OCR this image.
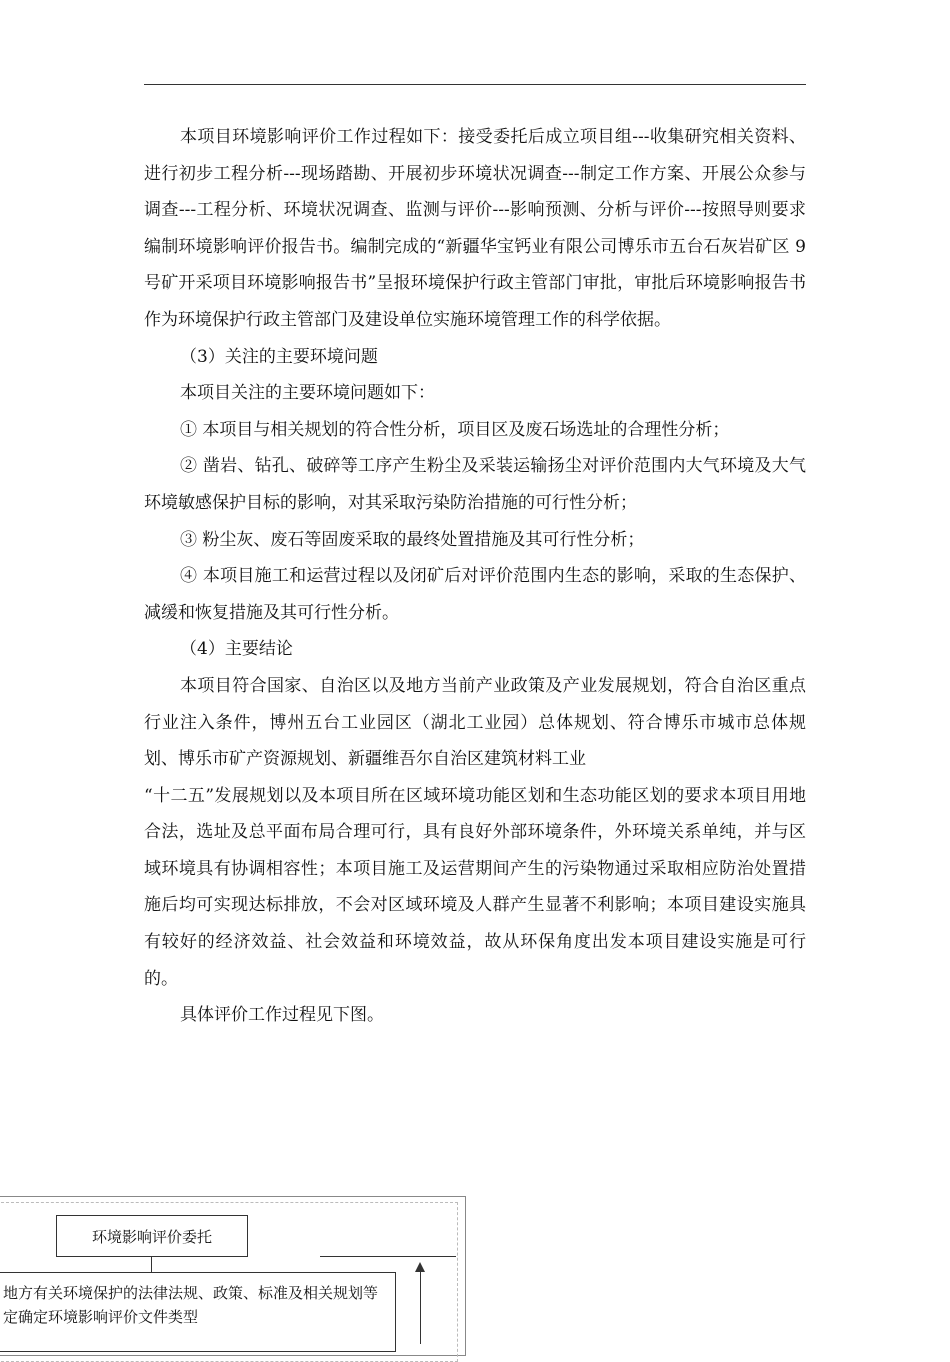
本项目环境影响评价工作过程如下：接受委托后成立项目组---收集研究相关资料、进行初步工程分析---现场踏勘、开展初步环境状况调查---制定工作方案、开展公众参与调查---工程分析、环境状况调查、监测与评价---影响预测、分析与评价---按照导则要求编制环境影响评价报告书。编制完成的“新疆华宝钙业有限公司博乐市五台石灰岩矿区 9 号矿开采项目环境影响报告书”呈报环境保护行政主管部门审批，审批后环境影响报告书作为环境保护行政主管部门及建设单位实施环境管理工作的科学依据。

（3）关注的主要环境问题

本项目关注的主要环境问题如下：

① 本项目与相关规划的符合性分析，项目区及废石场选址的合理性分析；

② 凿岩、钻孔、破碎等工序产生粉尘及采装运输扬尘对评价范围内大气环境及大气环境敏感保护目标的影响，对其采取污染防治措施的可行性分析；

③ 粉尘灰、废石等固废采取的最终处置措施及其可行性分析；

④ 本项目施工和运营过程以及闭矿后对评价范围内生态的影响，采取的生态保护、减缓和恢复措施及其可行性分析。

（4）主要结论

本项目符合国家、自治区以及地方当前产业政策及产业发展规划，符合自治区重点行业注入条件，博州五台工业园区（湖北工业园）总体规划、符合博乐市城市总体规划、博乐市矿产资源规划、新疆维吾尔自治区建筑材料工业

“十二五”发展规划以及本项目所在区域环境功能区划和生态功能区划的要求本项目用地合法，选址及总平面布局合理可行，具有良好外部环境条件，外环境关系单纯，并与区域环境具有协调相容性；本项目施工及运营期间产生的污染物通过采取相应防治处置措施后均可实现达标排放，不会对区域环境及人群产生显著不利影响；本项目建设实施具有较好的经济效益、社会效益和环境效益，故从环保角度出发本项目建设实施是可行的。

具体评价工作过程见下图。

环境影响评价委托
地方有关环境保护的法律法规、政策、标准及相关规划等
定确定环境影响评价文件类型
